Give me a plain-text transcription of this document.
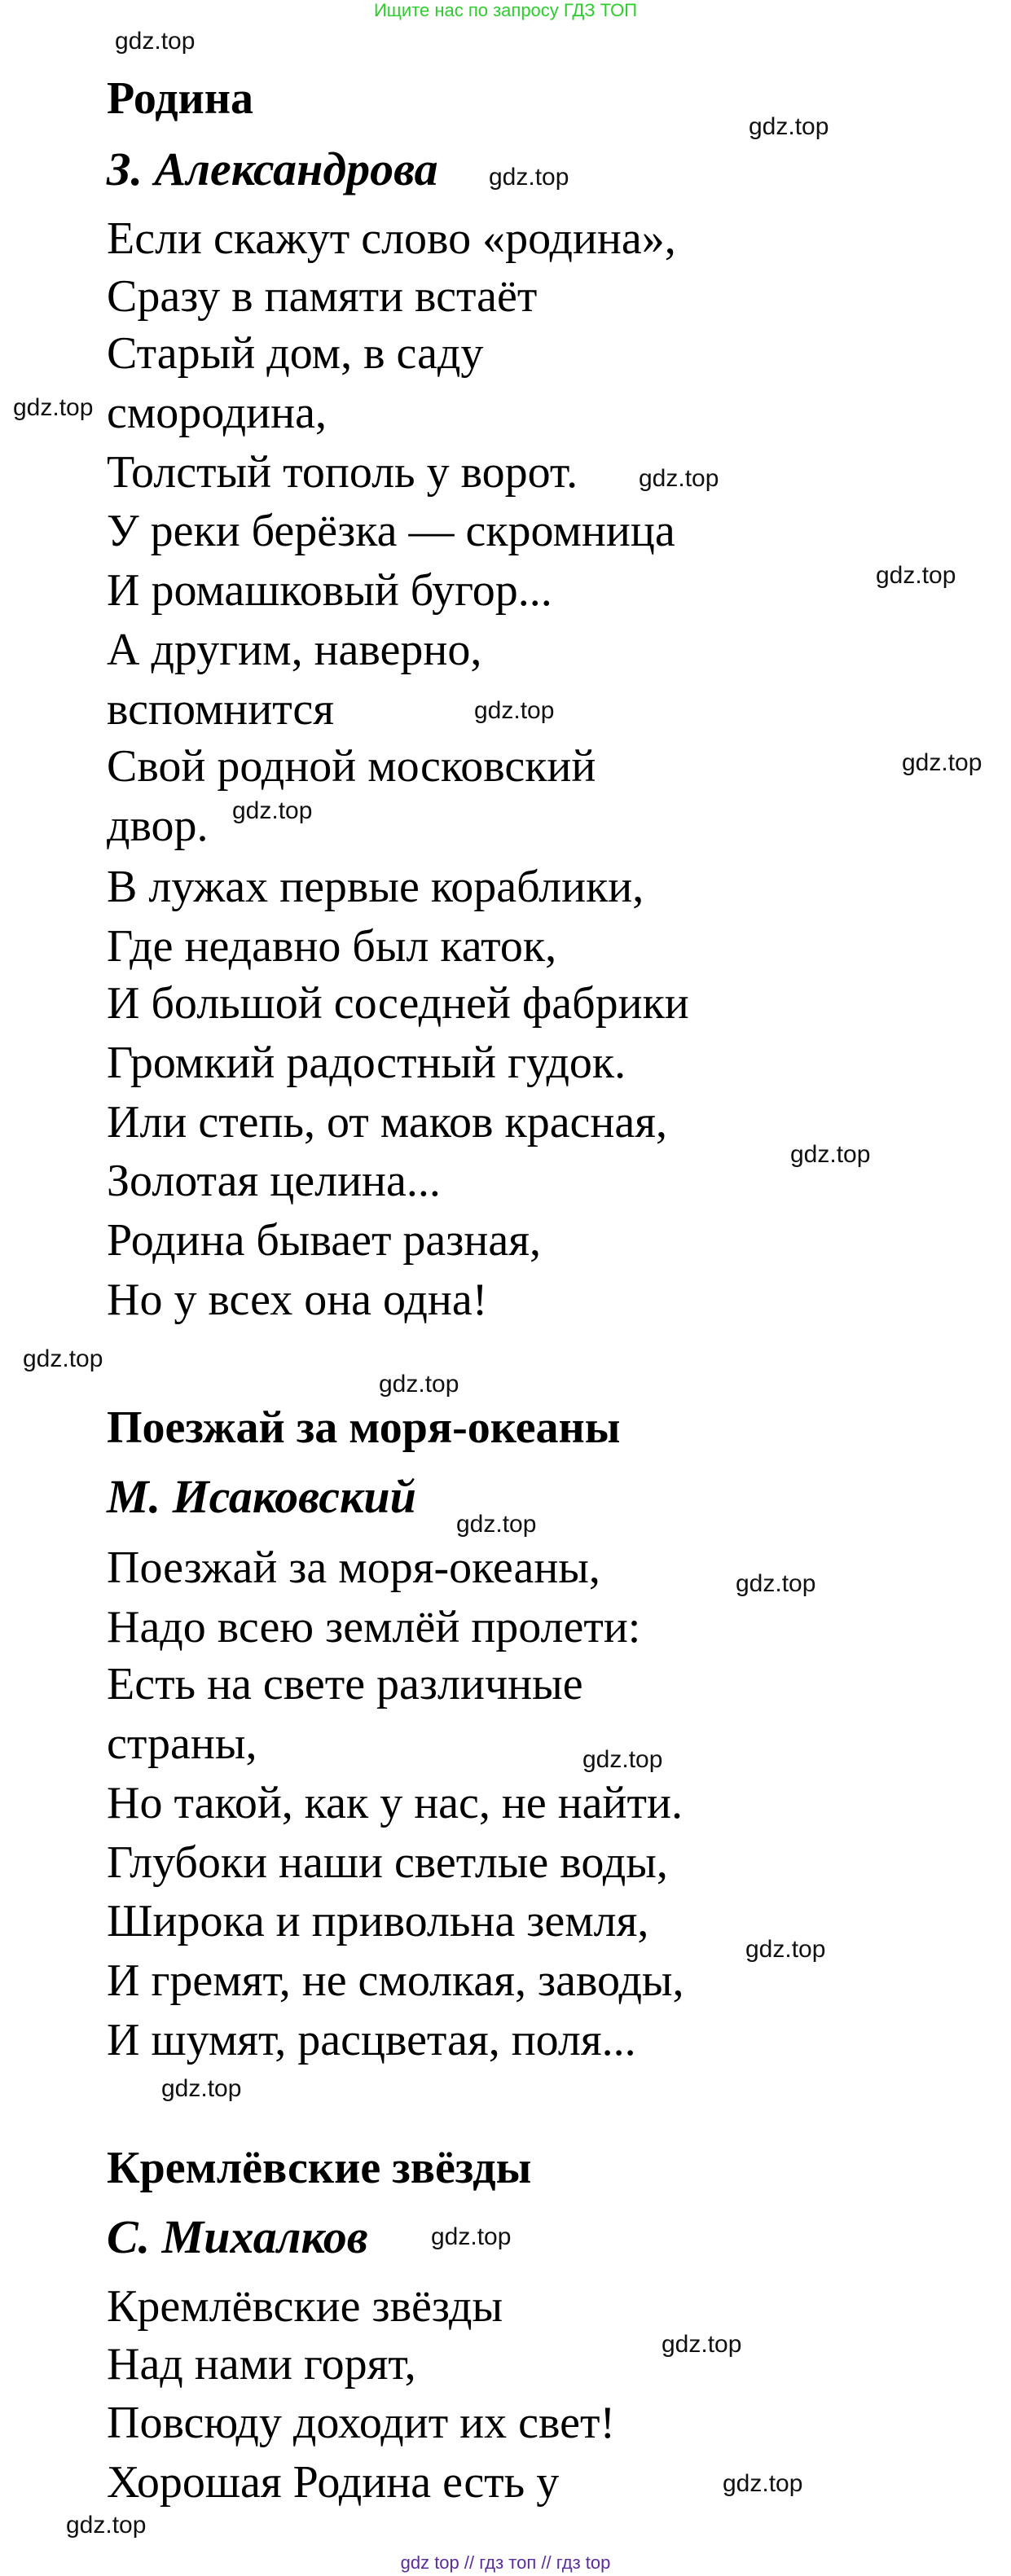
Ищите нас по запросу ГДЗ ТОП
Родина
З. Александрова
Если скажут слово «родина»,
Сразу в памяти встаёт
Старый дом, в саду
смородина,
Толстый тополь у ворот.
У реки берёзка — скромница
И ромашковый бугор...
А другим, наверно,
вспомнится
Свой родной московский
двор.
В лужах первые кораблики,
Где недавно был каток,
И большой соседней фабрики
Громкий радостный гудок.
Или степь, от маков красная,
Золотая целина...
Родина бывает разная,
Но у всех она одна!
Поезжай за моря-океаны
М. Исаковский
Поезжай за моря-океаны,
Надо всею землёй пролети:
Есть на свете различные
страны,
Но такой, как у нас, не найти.
Глубоки наши светлые воды,
Широка и привольна земля,
И гремят, не смолкая, заводы,
И шумят, расцветая, поля...
Кремлёвские звёзды
С. Михалков
Кремлёвские звёзды
Над нами горят,
Повсюду доходит их свет!
Хорошая Родина есть у
gdz.top
gdz.top
gdz.top
gdz.top
gdz.top
gdz.top
gdz.top
gdz.top
gdz.top
gdz.top
gdz.top
gdz.top
gdz.top
gdz.top
gdz.top
gdz.top
gdz.top
gdz.top
gdz.top
gdz.top
gdz.top
gdz top // гдз топ // гдз top
